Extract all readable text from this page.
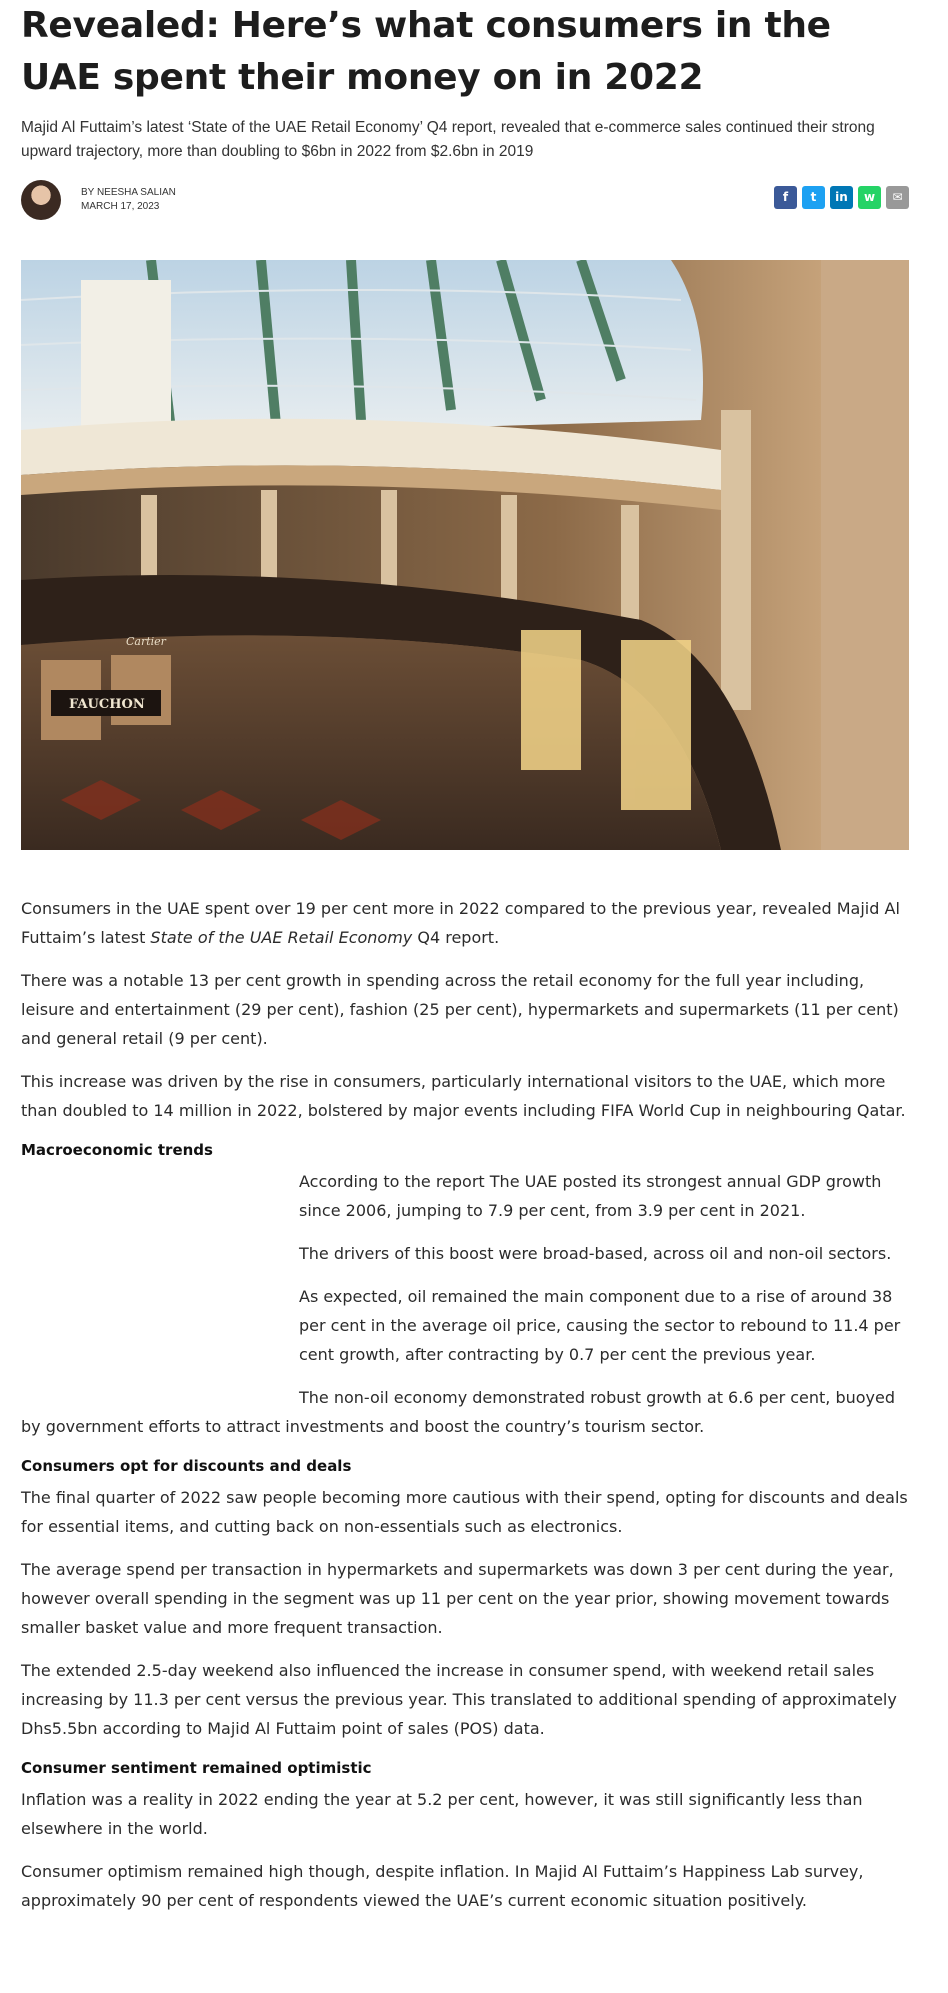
Revealed: Here’s what consumers in the UAE spent their money on in 2022

Majid Al Futtaim’s latest ‘State of the UAE Retail Economy’ Q4 report, revealed that e-commerce sales continued their strong upward trajectory, more than doubling to $6bn in 2022 from $2.6bn in 2019

BY NEESHA SALIAN
MARCH 17, 2023
f	t	in	w	✉
FAUCHON
Cartier

Consumers in the UAE spent over 19 per cent more in 2022 compared to the previous year, revealed Majid Al Futtaim’s latest State of the UAE Retail Economy Q4 report.

There was a notable 13 per cent growth in spending across the retail economy for the full year including, leisure and entertainment (29 per cent), fashion (25 per cent), hypermarkets and supermarkets (11 per cent) and general retail (9 per cent).

This increase was driven by the rise in consumers, particularly international visitors to the UAE, which more than doubled to 14 million in 2022, bolstered by major events including FIFA World Cup in neighbouring Qatar.

Macroeconomic trends

According to the report The UAE posted its strongest annual GDP growth since 2006, jumping to 7.9 per cent, from 3.9 per cent in 2021.

The drivers of this boost were broad-based, across oil and non-oil sectors.

As expected, oil remained the main component due to a rise of around 38 per cent in the average oil price, causing the sector to rebound to 11.4 per cent growth, after contracting by 0.7 per cent the previous year.

The non-oil economy demonstrated robust growth at 6.6 per cent, buoyed by government efforts to attract investments and boost the country’s tourism sector.

Consumers opt for discounts and deals

The final quarter of 2022 saw people becoming more cautious with their spend, opting for discounts and deals for essential items, and cutting back on non-essentials such as electronics.

The average spend per transaction in hypermarkets and supermarkets was down 3 per cent during the year, however overall spending in the segment was up 11 per cent on the year prior, showing movement towards smaller basket value and more frequent transaction.

The extended 2.5-day weekend also influenced the increase in consumer spend, with weekend retail sales increasing by 11.3 per cent versus the previous year. This translated to additional spending of approximately Dhs5.5bn according to Majid Al Futtaim point of sales (POS) data.

Consumer sentiment remained optimistic

Inflation was a reality in 2022 ending the year at 5.2 per cent, however, it was still significantly less than elsewhere in the world.

Consumer optimism remained high though, despite inflation. In Majid Al Futtaim’s Happiness Lab survey, approximately 90 per cent of respondents viewed the UAE’s current economic situation positively.
